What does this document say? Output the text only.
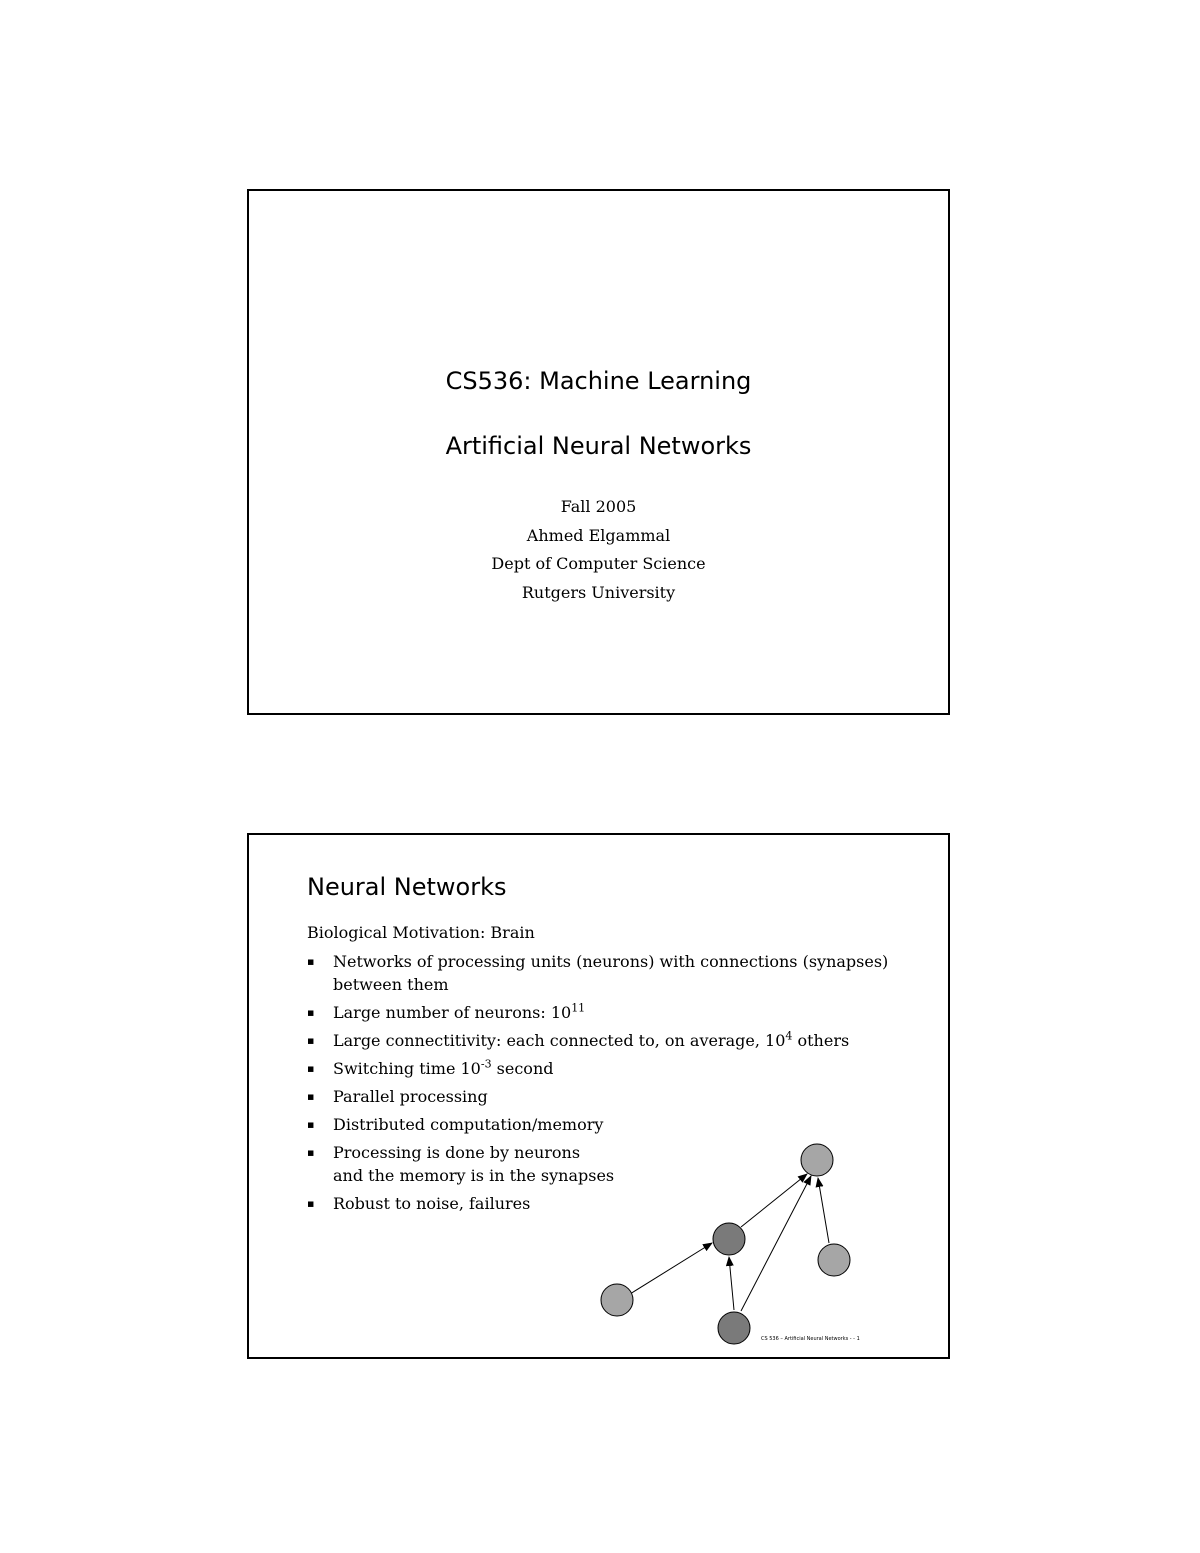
CS536: Machine Learning
Artificial Neural Networks
Fall 2005
Ahmed Elgammal
Dept of Computer Science
Rutgers University
Neural Networks
Biological Motivation: Brain
▪ Networks of processing units (neurons) with connections (synapses)
between them
▪ Large number of neurons: $10^{11}$
▪ Large connectitivity: each connected to, on average, $10^4$ others
▪ Switching time $10^{-3}$ second
▪ Parallel processing
▪ Distributed computation/memory
▪ Processing is done by neurons
and the memory is in the synapses
▪ Robust to noise, failures
CS 536 – Artificial Neural Networks - - 1
